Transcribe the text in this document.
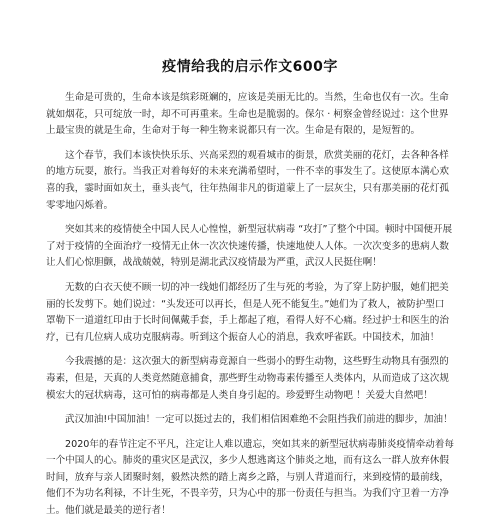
疫情给我的启示作文600字

生命是可贵的，生命本该是缤彩斑斓的，应该是美丽无比的。当然，生命也仅有一次。生命就如烟花，只可绽放一时，却不可再重来。生命也是脆弱的。保尔 · 柯察金曾经说过：这个世界上最宝贵的就是生命，生命对于每一种生物来说都只有一次。生命是有限的，是短暂的。

这个春节，我们本该快快乐乐、兴高采烈的观看城市的街景，欣赏美丽的花灯，去各种各样的地方玩耍，旅行。当我正对着每好的未来充满希望时，一件不幸的事发生了。这使原本满心欢喜的我，霎时面如灰土，垂头丧气，往年热闹非凡的街道蒙上了一层灰尘，只有那美丽的花灯孤零零地闪烁着。

突如其来的疫情使全中国人民人心惶惶，新型冠状病毒 “攻打”了整个中国。顿时中国便开展了对于疫情的全面治疗一疫情无止休一次次快速传播，快速地使人人体。一次次变多的患病人数让人们心惊胆颤，战战兢兢，特别是湖北武汉疫情最为严重，武汉人民挺住啊！

无数的白衣天使不顾一切的冲一线她们都经历了生与死的考验，为了穿上防护服，她们把美丽的长发剪下。她们说过：“头发还可以再长，但是人死不能复生。”她们为了救人，被防护型口罩勒下一道道红印由于长时间佩戴手套，手上都起了疱，看得人好不心痛。经过护士和医生的治疗，已有几位病人成功克服病毒。听到这个振奋人心的消息，我欢呼雀跃。中国技术，加油！

今我震撼的是：这次强大的新型病毒竟源自一些弱小的野生动物，这些野生动物具有强烈的毒素，但是，天真的人类竟然随意捕食，那些野生动物毒素传播至人类体内，从而造成了这次规模宏大的冠状病毒，这可怕的病毒都是人类自身引起的。珍爱野生动物吧 ！关爱大自然吧！

武汉加油!中国加油！一定可以挺过去的，我们相信困难绝不会阻挡我们前进的脚步，加油！

2020年的春节注定不平凡，注定让人难以遗忘，突如其来的新型冠状病毒肺炎疫情牵动着每一个中国人的心。肺炎的重灾区是武汉，多少人想逃离这个肺炎之地，而有这么一群人放弃休假时间，放弃与亲人团聚时刻，毅然决然的踏上离乡之路，与别人背道而行，来到疫情的最前线，他们不为功名利禄，不计生死，不畏辛劳，只为心中的那一份责任与担当。为我们守卫着一方净土。他们就是最美的逆行者！
